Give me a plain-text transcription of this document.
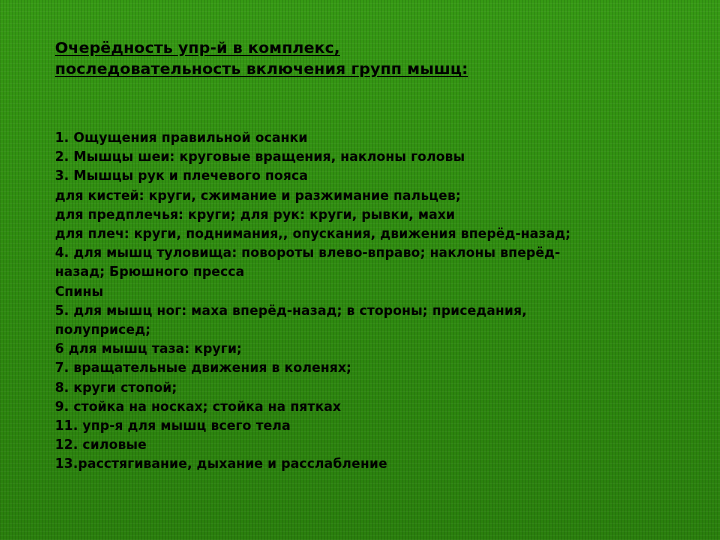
Очерёдность упр-й в комплекс,
последовательность включения групп мышц:
1. Ощущения правильной осанки
2. Мышцы шеи: круговые вращения, наклоны головы
3. Мышцы рук и плечевого пояса
для кистей: круги, сжимание и разжимание пальцев;
для предплечья: круги; для рук: круги, рывки, махи
для плеч: круги, поднимания,, опускания, движения вперёд-назад;
4. для мышц туловища: повороты влево-вправо; наклоны вперёд-
назад; Брюшного пресса
Спины
5. для мышц ног: маха вперёд-назад; в стороны; приседания,
полуприсед;
6 для мышц таза: круги;
7. вращательные движения в коленях;
8. круги стопой;
9. стойка на носках; стойка на пятках
11. упр-я для мышц всего тела
12. силовые
13.расстягивание, дыхание и расслабление
